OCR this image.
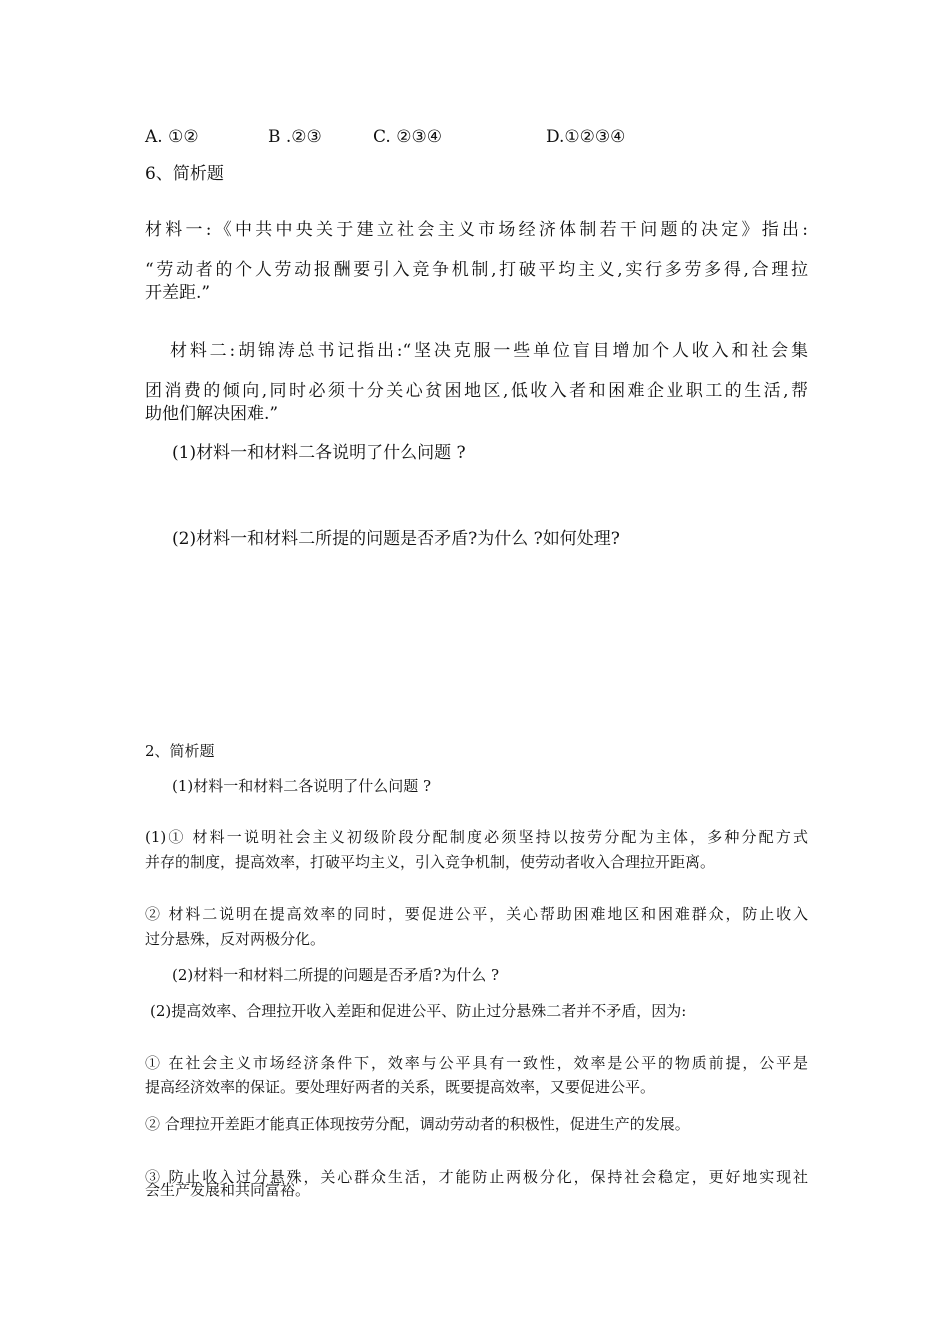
A. ①②	B .②③	C. ②③④	D.①②③④

6、简析题

材料一:《中共中央关于建立社会主义市场经济体制若干问题的决定》指出:

“劳动者的个人劳动报酬要引入竞争机制,打破平均主义,实行多劳多得,合理拉

开差距.”

材料二:胡锦涛总书记指出:“坚决克服一些单位盲目增加个人收入和社会集

团消费的倾向,同时必须十分关心贫困地区,低收入者和困难企业职工的生活,帮

助他们解决困难.”

(1)材料一和材料二各说明了什么问题 ?

(2)材料一和材料二所提的问题是否矛盾?为什么 ?如何处理?

2、简析题

(1)材料一和材料二各说明了什么问题 ?

(1)① 材料一说明社会主义初级阶段分配制度必须坚持以按劳分配为主体，多种分配方式

并存的制度，提高效率，打破平均主义，引入竞争机制，使劳动者收入合理拉开距离。

② 材料二说明在提高效率的同时，要促进公平，关心帮助困难地区和困难群众，防止收入

过分悬殊，反对两极分化。

(2)材料一和材料二所提的问题是否矛盾?为什么 ?

(2)提高效率、合理拉开收入差距和促进公平、防止过分悬殊二者并不矛盾，因为:

① 在社会主义市场经济条件下，效率与公平具有一致性，效率是公平的物质前提，公平是

提高经济效率的保证。要处理好两者的关系，既要提高效率，又要促进公平。

② 合理拉开差距才能真正体现按劳分配，调动劳动者的积极性，促进生产的发展。

③ 防止收入过分悬殊，关心群众生活，才能防止两极分化，保持社会稳定，更好地实现社

会生产发展和共同富裕。
